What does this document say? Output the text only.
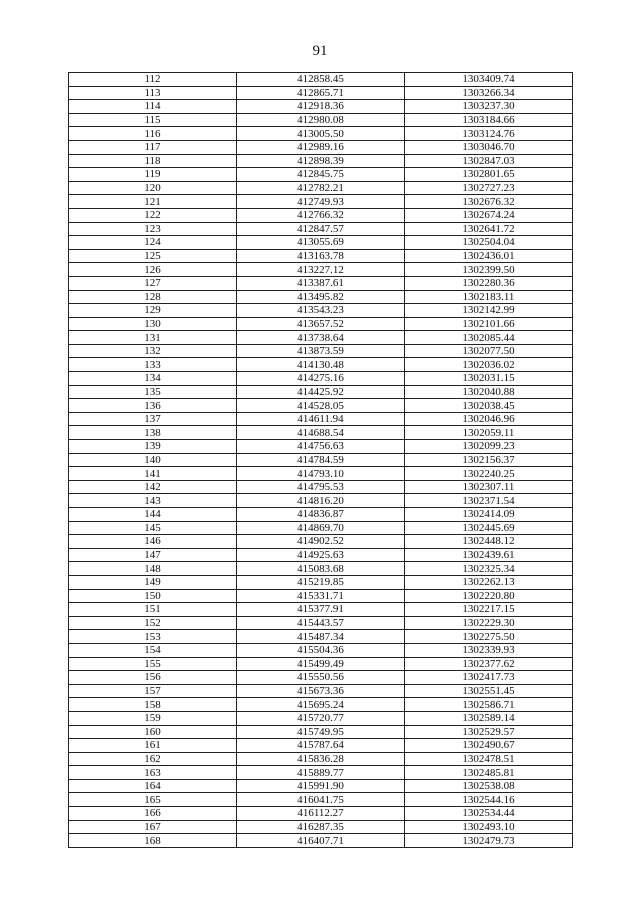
91
112	412858.45	1303409.74
113	412865.71	1303266.34
114	412918.36	1303237.30
115	412980.08	1303184.66
116	413005.50	1303124.76
117	412989.16	1303046.70
118	412898.39	1302847.03
119	412845.75	1302801.65
120	412782.21	1302727.23
121	412749.93	1302676.32
122	412766.32	1302674.24
123	412847.57	1302641.72
124	413055.69	1302504.04
125	413163.78	1302436.01
126	413227.12	1302399.50
127	413387.61	1302280.36
128	413495.82	1302183.11
129	413543.23	1302142.99
130	413657.52	1302101.66
131	413738.64	1302085.44
132	413873.59	1302077.50
133	414130.48	1302036.02
134	414275.16	1302031.15
135	414425.92	1302040.88
136	414528.05	1302038.45
137	414611.94	1302046.96
138	414688.54	1302059.11
139	414756.63	1302099.23
140	414784.59	1302156.37
141	414793.10	1302240.25
142	414795.53	1302307.11
143	414816.20	1302371.54
144	414836.87	1302414.09
145	414869.70	1302445.69
146	414902.52	1302448.12
147	414925.63	1302439.61
148	415083.68	1302325.34
149	415219.85	1302262.13
150	415331.71	1302220.80
151	415377.91	1302217.15
152	415443.57	1302229.30
153	415487.34	1302275.50
154	415504.36	1302339.93
155	415499.49	1302377.62
156	415550.56	1302417.73
157	415673.36	1302551.45
158	415695.24	1302586.71
159	415720.77	1302589.14
160	415749.95	1302529.57
161	415787.64	1302490.67
162	415836.28	1302478.51
163	415889.77	1302485.81
164	415991.90	1302538.08
165	416041.75	1302544.16
166	416112.27	1302534.44
167	416287.35	1302493.10
168	416407.71	1302479.73
